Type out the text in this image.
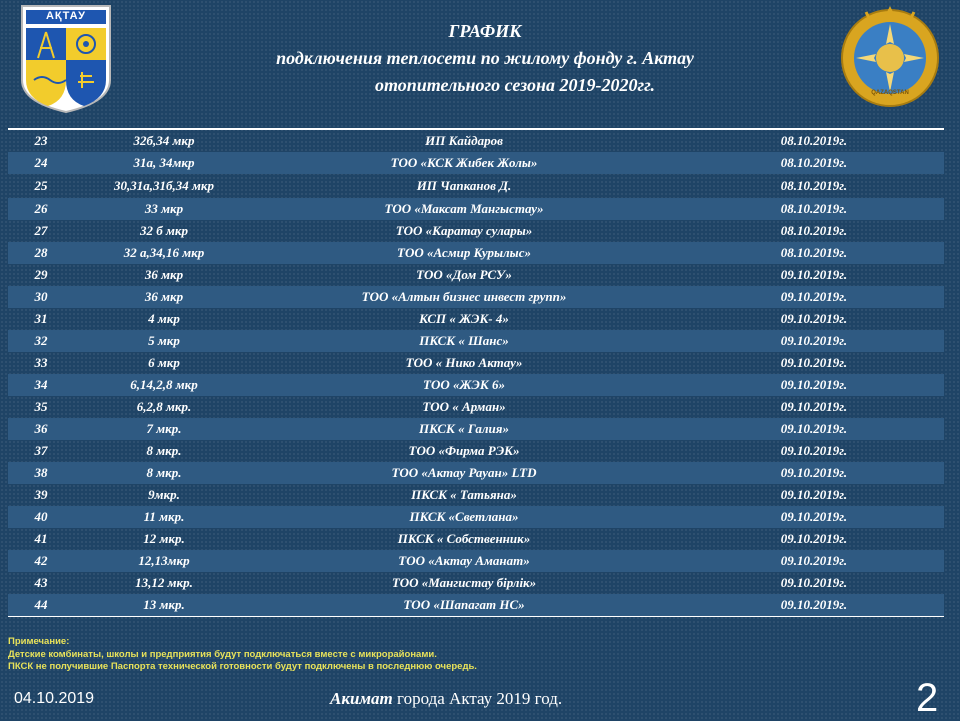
АҚТАУ
QAZAQSTAN
ГРАФИК
подключения теплосети по жилому фонду г. Актау
отопительного сезона 2019-2020гг.
23	32б,34 мкр	ИП Кайдаров	08.10.2019г.
24	31а, 34мкр	ТОО «КСК Жибек Жолы»	08.10.2019г.
25	30,31а,31б,34 мкр	ИП Чапканов Д.	08.10.2019г.
26	33 мкр	ТОО «Максат Мангыстау»	08.10.2019г.
27	32 б мкр	ТОО «Каратау сулары»	08.10.2019г.
28	32 а,34,16 мкр	ТОО «Асмир Курылыс»	08.10.2019г.
29	36 мкр	ТОО «Дом РСУ»	09.10.2019г.
30	36 мкр	ТОО «Алтын бизнес инвест групп»	09.10.2019г.
31	4 мкр	КСП « ЖЭК- 4»	09.10.2019г.
32	5 мкр	ПКСК « Шанс»	09.10.2019г.
33	6 мкр	ТОО « Нико Актау»	09.10.2019г.
34	6,14,2,8 мкр	ТОО «ЖЭК 6»	09.10.2019г.
35	6,2,8 мкр.	ТОО « Арман»	09.10.2019г.
36	7 мкр.	ПКСК « Галия»	09.10.2019г.
37	8 мкр.	ТОО «Фирма РЭК»	09.10.2019г.
38	8 мкр.	ТОО «Актау Рауан» LTD	09.10.2019г.
39	9мкр.	ПКСК « Татьяна»	09.10.2019г.
40	11 мкр.	ПКСК «Светлана»	09.10.2019г.
41	12 мкр.	ПКСК « Собственник»	09.10.2019г.
42	12,13мкр	ТОО «Актау Аманат»	09.10.2019г.
43	13,12 мкр.	ТОО «Мангистау бірлік»	09.10.2019г.
44	13 мкр.	ТОО «Шапагат НС»	09.10.2019г.
Примечание:
Детские комбинаты, школы и предприятия будут подключаться вместе с микрорайонами.
ПКСК не получившие Паспорта технической готовности будут подключены в последнюю очередь.
04.10.2019	Акимат города Актау 2019 год.	2
